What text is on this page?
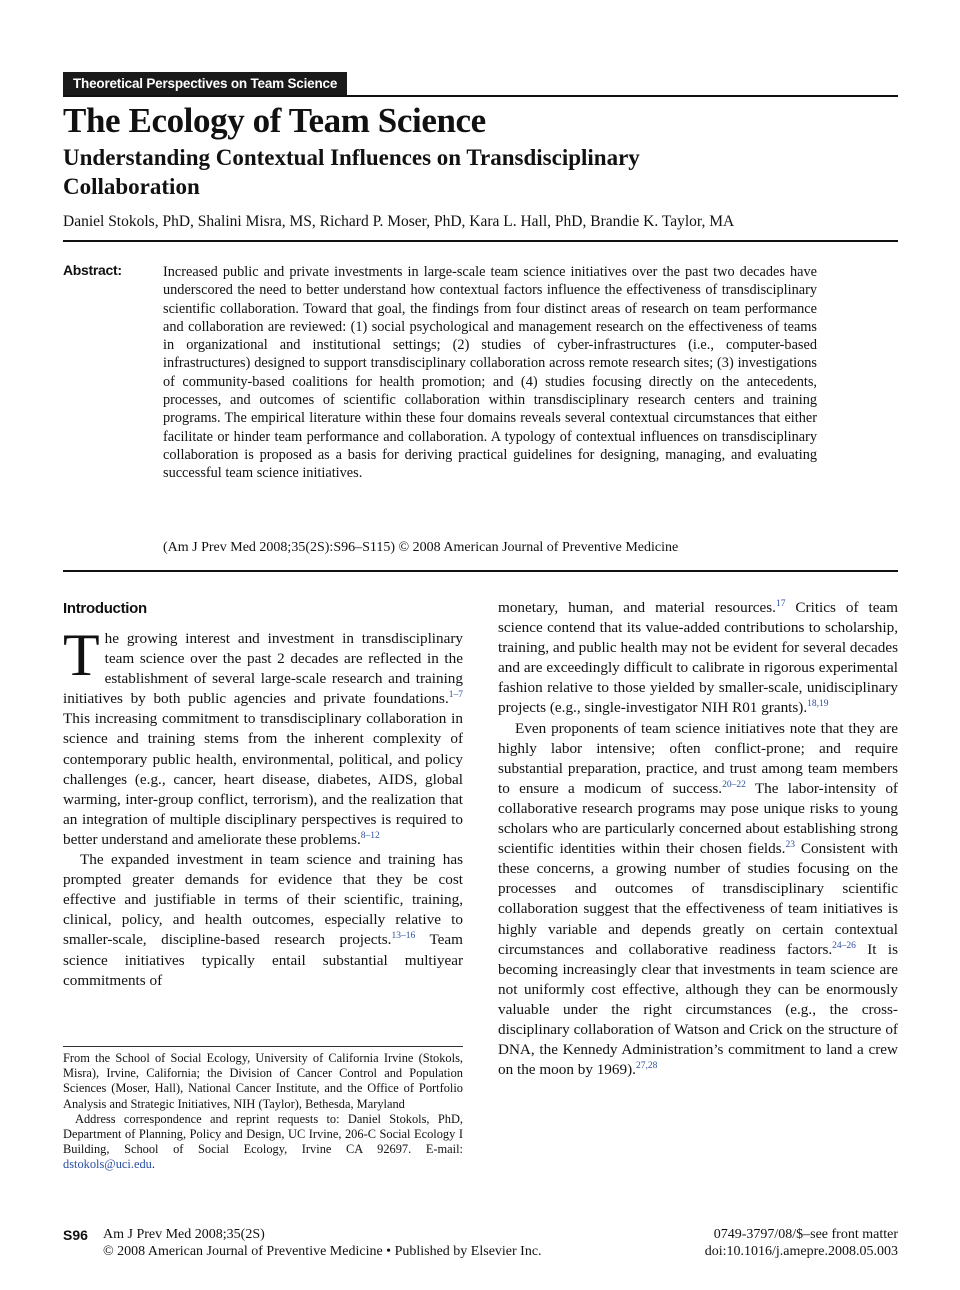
Theoretical Perspectives on Team Science
The Ecology of Team Science
Understanding Contextual Influences on Transdisciplinary Collaboration
Daniel Stokols, PhD, Shalini Misra, MS, Richard P. Moser, PhD, Kara L. Hall, PhD, Brandie K. Taylor, MA
Abstract:	Increased public and private investments in large-scale team science initiatives over the past two decades have underscored the need to better understand how contextual factors influence the effectiveness of transdisciplinary scientific collaboration. Toward that goal, the findings from four distinct areas of research on team performance and collaboration are reviewed: (1) social psychological and management research on the effectiveness of teams in organizational and institutional settings; (2) studies of cyber-infrastructures (i.e., computer-based infrastructures) designed to support transdisciplinary collaboration across remote research sites; (3) investigations of community-based coalitions for health promotion; and (4) studies focusing directly on the antecedents, processes, and outcomes of scientific collaboration within transdisciplinary research centers and training programs. The empirical literature within these four domains reveals several contextual circumstances that either facilitate or hinder team performance and collaboration. A typology of contextual influences on transdisciplinary collaboration is proposed as a basis for deriving practical guidelines for designing, managing, and evaluating successful team science initiatives.
(Am J Prev Med 2008;35(2S):S96–S115) © 2008 American Journal of Preventive Medicine
Introduction

The growing interest and investment in transdisciplinary team science over the past 2 decades are reflected in the establishment of several large-scale research and training initiatives by both public agencies and private foundations.$^{1-7}$ This increasing commitment to transdisciplinary collaboration in science and training stems from the inherent complexity of contemporary public health, environmental, political, and policy challenges (e.g., cancer, heart disease, diabetes, AIDS, global warming, inter-group conflict, terrorism), and the realization that an integration of multiple disciplinary perspectives is required to better understand and ameliorate these problems.$^{8-12}$

The expanded investment in team science and training has prompted greater demands for evidence that they be cost effective and justifiable in terms of their scientific, training, clinical, policy, and health outcomes, especially relative to smaller-scale, discipline-based research projects.$^{13-16}$ Team science initiatives typically entail substantial multiyear commitments of

monetary, human, and material resources.$^{17}$ Critics of team science contend that its value-added contributions to scholarship, training, and public health may not be evident for several decades and are exceedingly difficult to calibrate in rigorous experimental fashion relative to those yielded by smaller-scale, unidisciplinary projects (e.g., single-investigator NIH R01 grants).$^{18,19}$

Even proponents of team science initiatives note that they are highly labor intensive; often conflict-prone; and require substantial preparation, practice, and trust among team members to ensure a modicum of success.$^{20-22}$ The labor-intensity of collaborative research programs may pose unique risks to young scholars who are particularly concerned about establishing strong scientific identities within their chosen fields.$^{23}$ Consistent with these concerns, a growing number of studies focusing on the processes and outcomes of transdisciplinary scientific collaboration suggest that the effectiveness of team initiatives is highly variable and depends greatly on certain contextual circumstances and collaborative readiness factors.$^{24-26}$ It is becoming increasingly clear that investments in team science are not uniformly cost effective, although they can be enormously valuable under the right circumstances (e.g., the cross-disciplinary collaboration of Watson and Crick on the structure of DNA, the Kennedy Administration’s commitment to land a crew on the moon by 1969).$^{27,28}$

From the School of Social Ecology, University of California Irvine (Stokols, Misra), Irvine, California; the Division of Cancer Control and Population Sciences (Moser, Hall), National Cancer Institute, and the Office of Portfolio Analysis and Strategic Initiatives, NIH (Taylor), Bethesda, Maryland

Address correspondence and reprint requests to: Daniel Stokols, PhD, Department of Planning, Policy and Design, UC Irvine, 206-C Social Ecology I Building, School of Social Ecology, Irvine CA 92697. E-mail: dstokols@uci.edu.

S96 Am J Prev Med 2008;35(2S)
© 2008 American Journal of Preventive Medicine • Published by Elsevier Inc.
0749-3797/08/$–see front matter
doi:10.1016/j.amepre.2008.05.003
